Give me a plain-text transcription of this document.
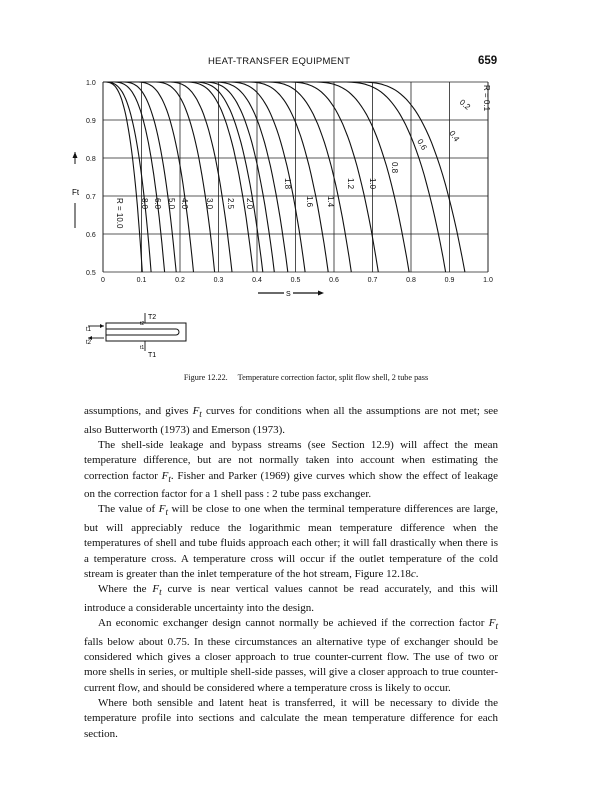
HEAT-TRANSFER EQUIPMENT	659
R = 10.0 8.0 6.0 5.0 4.0 3.0 2.5 2.0
1.8
1.6 1.4
1.2 1.0
0.8
0.6
0.4
0.2 R = 0.1
0	0.1	0.2	0.3	0.4	0.5	0.6	0.7	0.8	0.9	1.0
0.5
0.6
0.7
0.8
0.9
1.0
Ft
S
T2
T1
t1
t2
t2
t1
Figure 12.22. Temperature correction factor, split flow shell, 2 tube pass

assumptions, and gives $F_t$ curves for conditions when all the assumptions are not met; see also Butterworth (1973) and Emerson (1973).

The shell-side leakage and bypass streams (see Section 12.9) will affect the mean temperature difference, but are not normally taken into account when estimating the correction factor $F_t$. Fisher and Parker (1969) give curves which show the effect of leakage on the correction factor for a 1 shell pass : 2 tube pass exchanger.

The value of $F_t$ will be close to one when the terminal temperature differences are large, but will appreciably reduce the logarithmic mean temperature difference when the temperatures of shell and tube fluids approach each other; it will fall drastically when there is a temperature cross. A temperature cross will occur if the outlet temperature of the cold stream is greater than the inlet temperature of the hot stream, Figure 12.18c.

Where the $F_t$ curve is near vertical values cannot be read accurately, and this will introduce a considerable uncertainty into the design.

An economic exchanger design cannot normally be achieved if the correction factor $F_t$ falls below about 0.75. In these circumstances an alternative type of exchanger should be considered which gives a closer approach to true counter-current flow. The use of two or more shells in series, or multiple shell-side passes, will give a closer approach to true counter-current flow, and should be considered where a temperature cross is likely to occur.

Where both sensible and latent heat is transferred, it will be necessary to divide the temperature profile into sections and calculate the mean temperature difference for each section.
